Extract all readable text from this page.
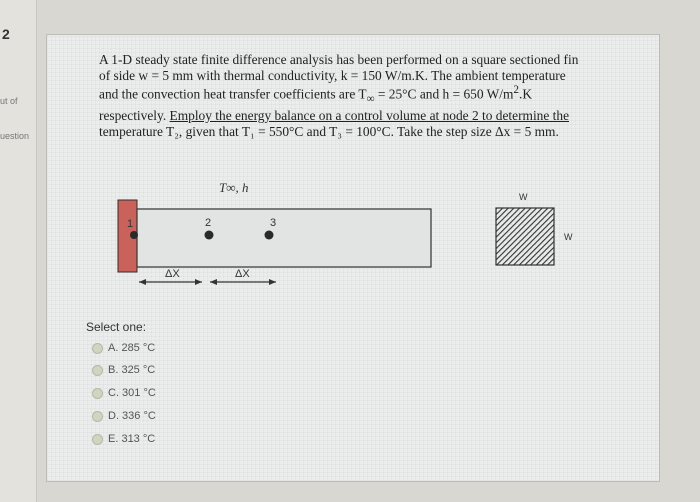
2
ut of
uestion
A 1-D steady state finite difference analysis has been performed on a square sectioned fin
of side w = 5 mm with thermal conductivity, k = 150 W/m.K. The ambient temperature
and the convection heat transfer coefficients are $T_\infty = 25^\circ C$ and h = 650 $W/m^2.K$
respectively. Employ the energy balance on a control volume at node 2 to determine the
temperature T₂, given that T₁ = 550°C and T₃ = 100°C. Take the step size Δx = 5 mm.
T∞, h
1	2	3
ΔX	ΔX
W
W
Select one:
A. 285 °C
B. 325 °C
C. 301 °C
D. 336 °C
E. 313 °C
